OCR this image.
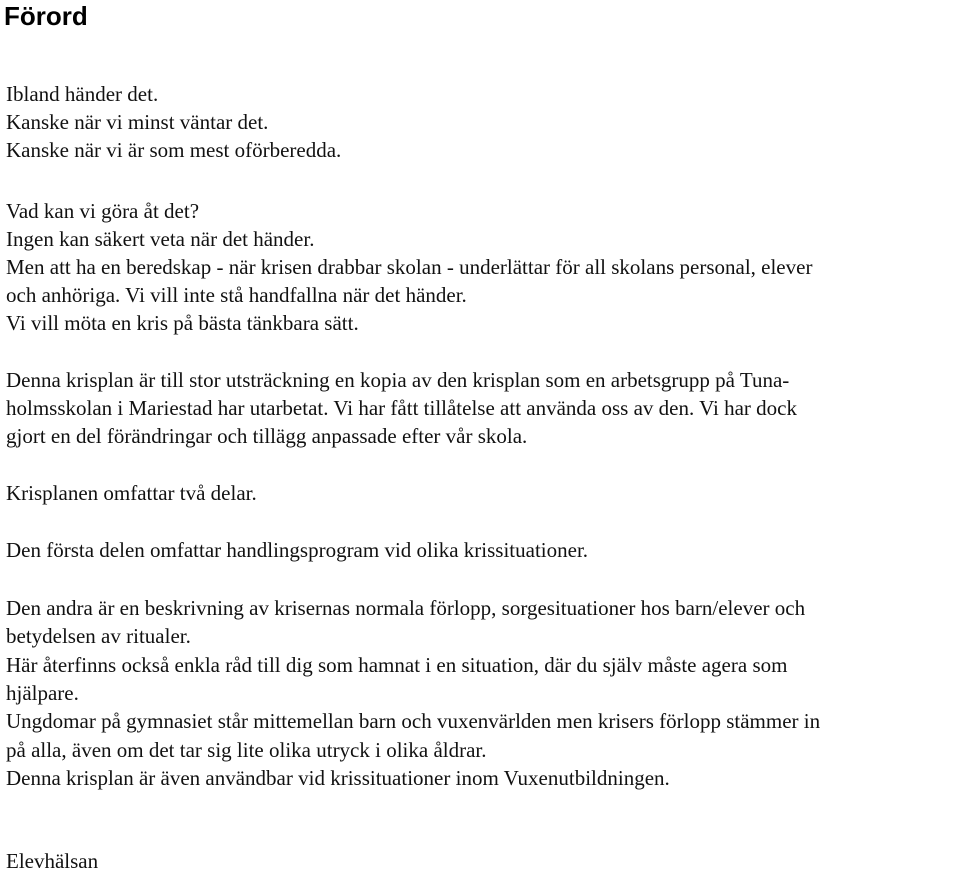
Förord

Ibland händer det.

Kanske när vi minst väntar det.

Kanske när vi är som mest oförberedda.

Vad kan vi göra åt det?

Ingen kan säkert veta när det händer.

Men att ha en beredskap - när krisen drabbar skolan - underlättar för all skolans personal, elever

och anhöriga. Vi vill inte stå handfallna när det händer.

Vi vill möta en kris på bästa tänkbara sätt.

Denna krisplan är till stor utsträckning en kopia av den krisplan som en arbetsgrupp på Tuna-

holmsskolan i Mariestad har utarbetat. Vi har fått tillåtelse att använda oss av den. Vi har dock

gjort en del förändringar och tillägg anpassade efter vår skola.

Krisplanen omfattar två delar.

Den första delen omfattar handlingsprogram vid olika krissituationer.

Den andra är en beskrivning av krisernas normala förlopp, sorgesituationer hos barn/elever och

betydelsen av ritualer.

Här återfinns också enkla råd till dig som hamnat i en situation, där du själv måste agera som

hjälpare.

Ungdomar på gymnasiet står mittemellan barn och vuxenvärlden men krisers förlopp stämmer in

på alla, även om det tar sig lite olika utryck i olika åldrar.

Denna krisplan är även användbar vid krissituationer inom Vuxenutbildningen.

Elevhälsan
